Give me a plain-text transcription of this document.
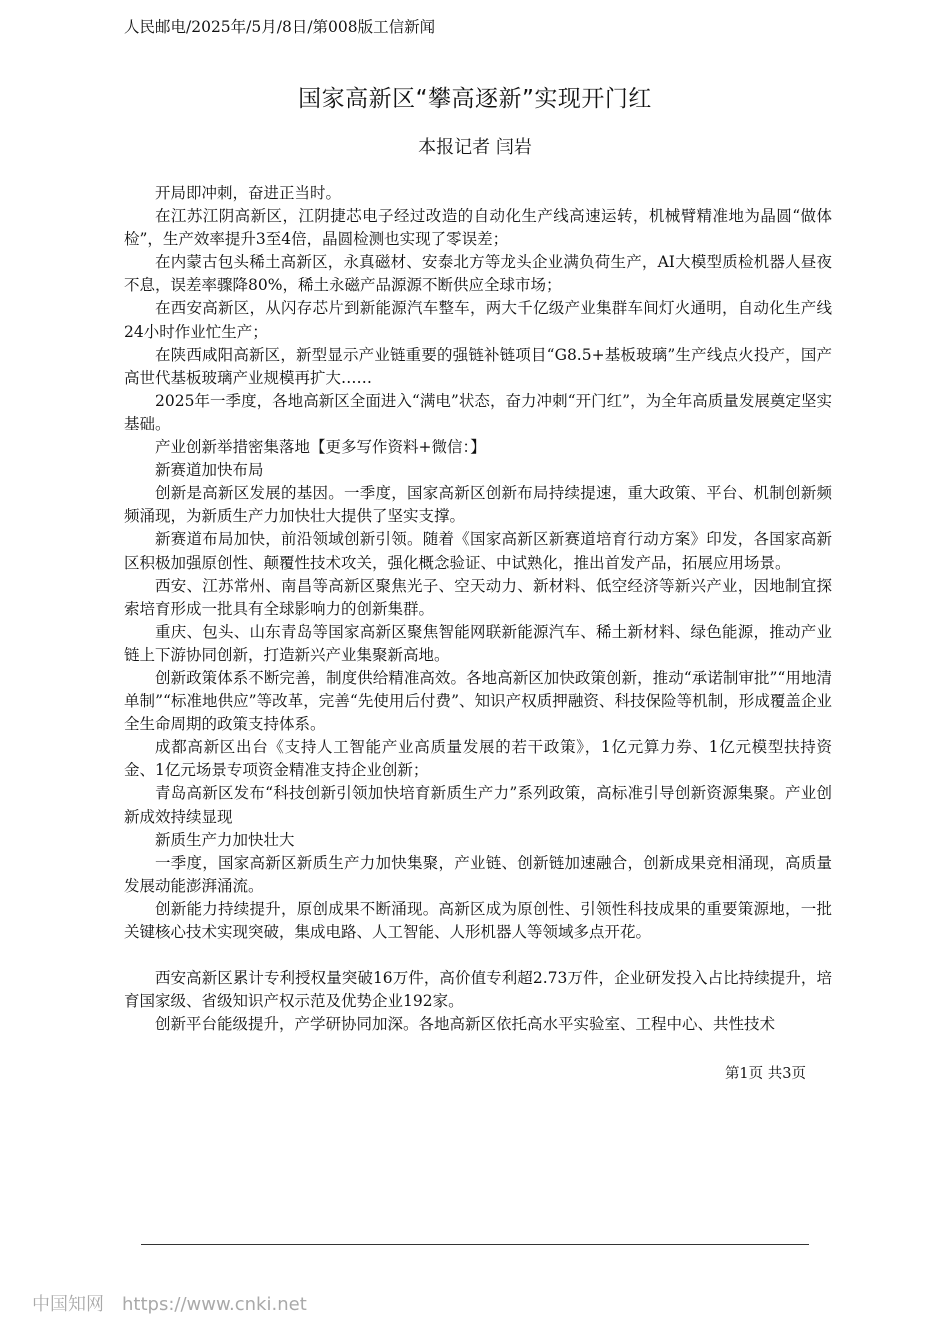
人民邮电/2025年/5月/8日/第008版工信新闻
国家高新区“攀高逐新”实现开门红
本报记者 闫岩

开局即冲刺，奋进正当时。

在江苏江阴高新区，江阴捷芯电子经过改造的自动化生产线高速运转，机械臂精准地为晶圆“做体检”，生产效率提升3至4倍，晶圆检测也实现了零误差；

在内蒙古包头稀土高新区，永真磁材、安泰北方等龙头企业满负荷生产，AI大模型质检机器人昼夜不息，误差率骤降80%，稀土永磁产品源源不断供应全球市场；

在西安高新区，从闪存芯片到新能源汽车整车，两大千亿级产业集群车间灯火通明，自动化生产线24小时作业忙生产；

在陕西咸阳高新区，新型显示产业链重要的强链补链项目“G8.5+基板玻璃”生产线点火投产，国产高世代基板玻璃产业规模再扩大……

2025年一季度，各地高新区全面进入“满电”状态，奋力冲刺“开门红”，为全年高质量发展奠定坚实基础。

产业创新举措密集落地【更多写作资料+微信：】

新赛道加快布局

创新是高新区发展的基因。一季度，国家高新区创新布局持续提速，重大政策、平台、机制创新频频涌现，为新质生产力加快壮大提供了坚实支撑。

新赛道布局加快，前沿领域创新引领。随着《国家高新区新赛道培育行动方案》印发，各国家高新区积极加强原创性、颠覆性技术攻关，强化概念验证、中试熟化，推出首发产品，拓展应用场景。

西安、江苏常州、南昌等高新区聚焦光子、空天动力、新材料、低空经济等新兴产业，因地制宜探索培育形成一批具有全球影响力的创新集群。

重庆、包头、山东青岛等国家高新区聚焦智能网联新能源汽车、稀土新材料、绿色能源，推动产业链上下游协同创新，打造新兴产业集聚新高地。

创新政策体系不断完善，制度供给精准高效。各地高新区加快政策创新，推动“承诺制审批”“用地清单制”“标准地供应”等改革，完善“先使用后付费”、知识产权质押融资、科技保险等机制，形成覆盖企业全生命周期的政策支持体系。

成都高新区出台《支持人工智能产业高质量发展的若干政策》，1亿元算力券、1亿元模型扶持资金、1亿元场景专项资金精准支持企业创新；

青岛高新区发布“科技创新引领加快培育新质生产力”系列政策，高标准引导创新资源集聚。产业创新成效持续显现

新质生产力加快壮大

一季度，国家高新区新质生产力加快集聚，产业链、创新链加速融合，创新成果竞相涌现，高质量发展动能澎湃涌流。

创新能力持续提升，原创成果不断涌现。高新区成为原创性、引领性科技成果的重要策源地，一批关键核心技术实现突破，集成电路、人工智能、人形机器人等领域多点开花。

西安高新区累计专利授权量突破16万件，高价值专利超2.73万件，企业研发投入占比持续提升，培育国家级、省级知识产权示范及优势企业192家。

创新平台能级提升，产学研协同加深。各地高新区依托高水平实验室、工程中心、共性技术

第1页 共3页
中国知网 https://www.cnki.net
